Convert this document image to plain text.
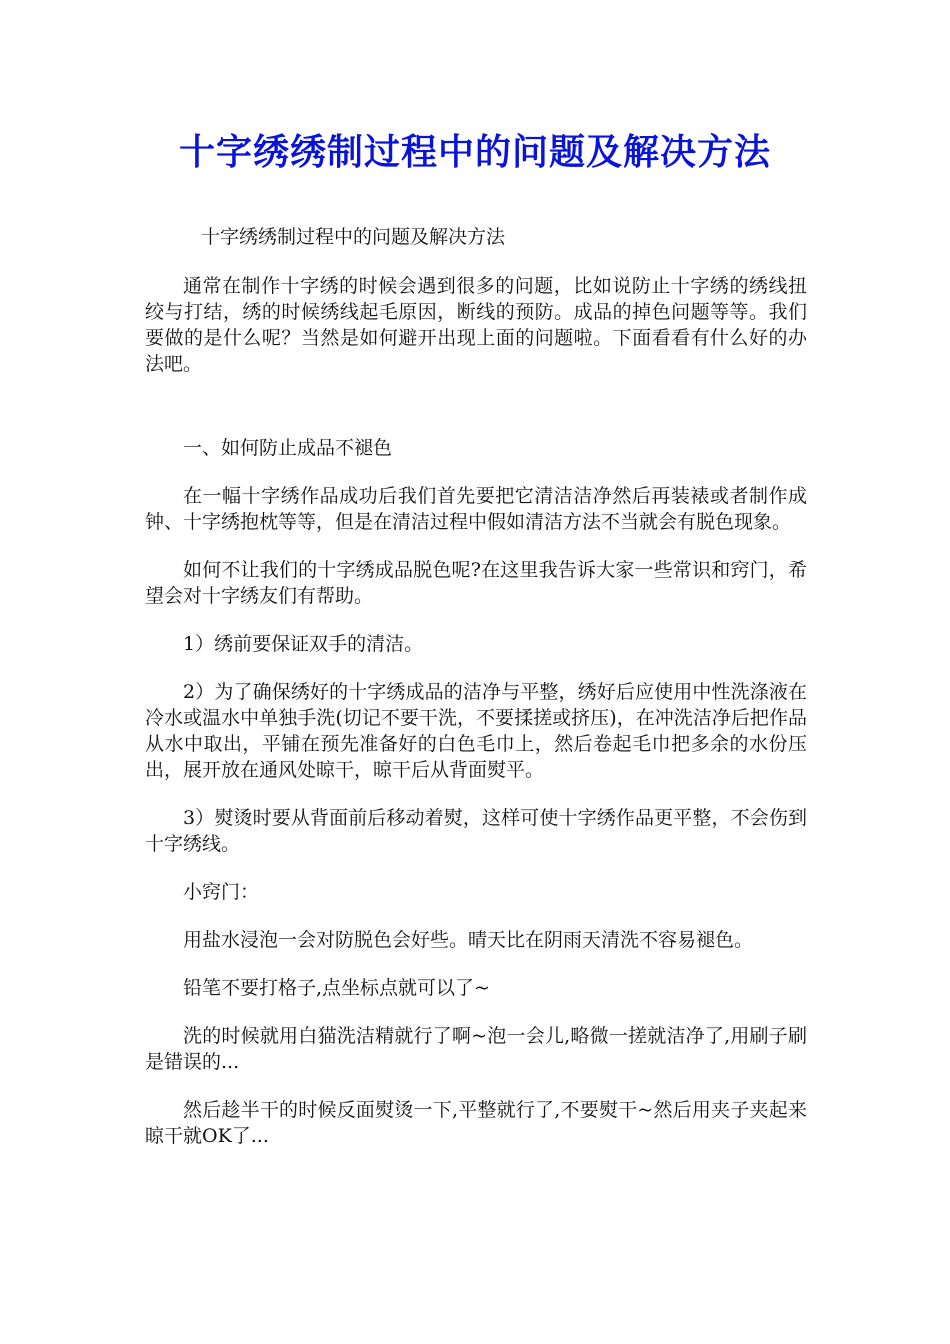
十字绣绣制过程中的问题及解决方法

十字绣绣制过程中的问题及解决方法

通常在制作十字绣的时候会遇到很多的问题，比如说防止十字绣的绣线扭绞与打结，绣的时候绣线起毛原因，断线的预防。成品的掉色问题等等。我们要做的是什么呢？当然是如何避开出现上面的问题啦。下面看看有什么好的办法吧。

一、如何防止成品不褪色

在一幅十字绣作品成功后我们首先要把它清洁洁净然后再装裱或者制作成钟、十字绣抱枕等等，但是在清洁过程中假如清洁方法不当就会有脱色现象。

如何不让我们的十字绣成品脱色呢?在这里我告诉大家一些常识和窍门，希望会对十字绣友们有帮助。

1）绣前要保证双手的清洁。

2）为了确保绣好的十字绣成品的洁净与平整，绣好后应使用中性洗涤液在冷水或温水中单独手洗(切记不要干洗，不要揉搓或挤压)，在冲洗洁净后把作品从水中取出，平铺在预先准备好的白色毛巾上，然后卷起毛巾把多余的水份压出，展开放在通风处晾干，晾干后从背面熨平。

3）熨烫时要从背面前后移动着熨，这样可使十字绣作品更平整，不会伤到十字绣线。

小窍门：

用盐水浸泡一会对防脱色会好些。晴天比在阴雨天清洗不容易褪色。

铅笔不要打格子,点坐标点就可以了~

洗的时候就用白猫洗洁精就行了啊~泡一会儿,略微一搓就洁净了,用刷子刷是错误的...

然后趁半干的时候反面熨烫一下,平整就行了,不要熨干~然后用夹子夹起来晾干就OK了...
